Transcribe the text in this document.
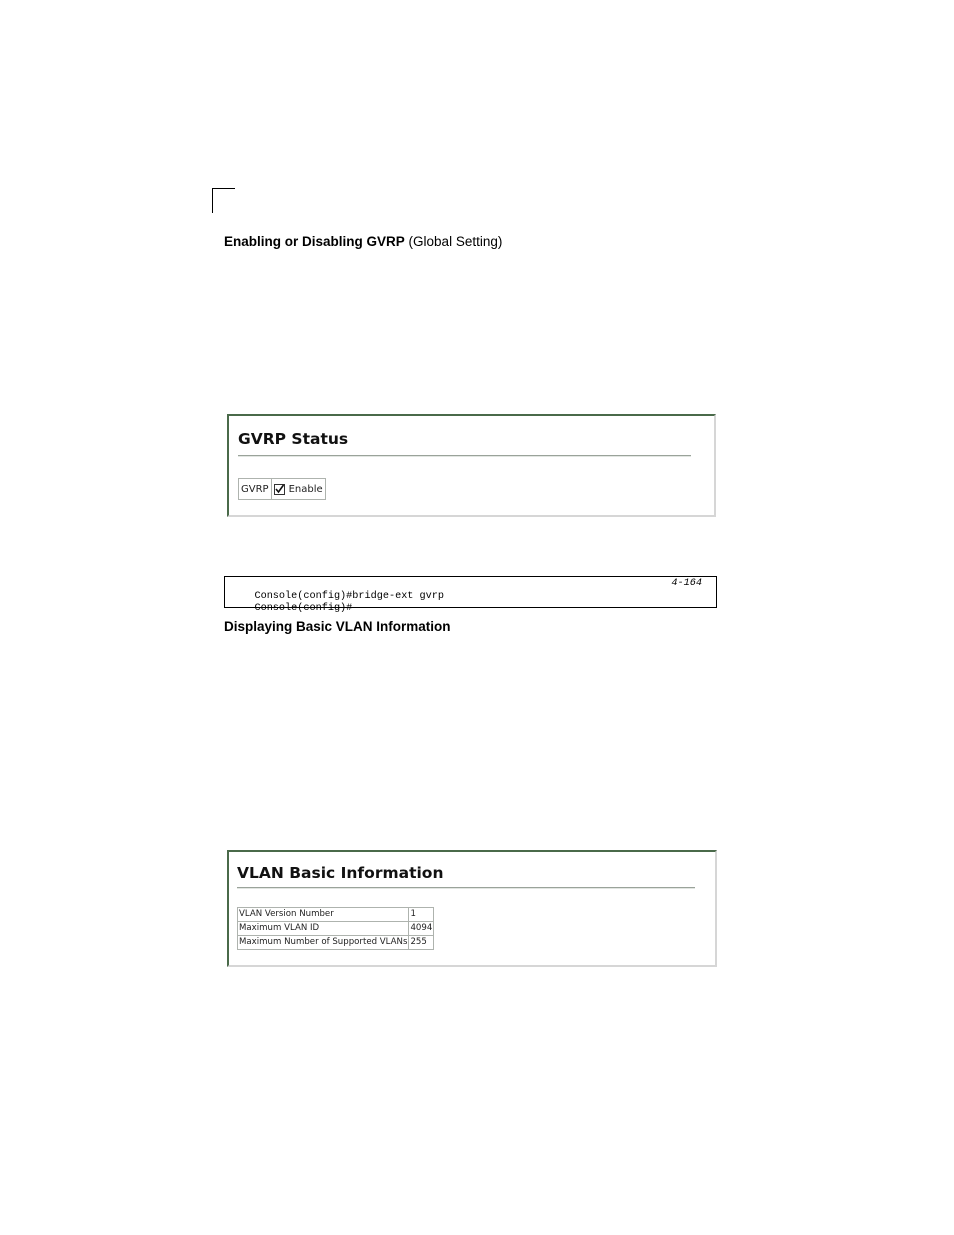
Enabling or Disabling GVRP (Global Setting)
GVRP Status
GVRP Enable

Console(config)#bridge-ext gvrp

4-164

Console(config)#

Displaying Basic VLAN Information
VLAN Basic Information
VLAN Version Number	1
Maximum VLAN ID	4094
Maximum Number of Supported VLANs	255
